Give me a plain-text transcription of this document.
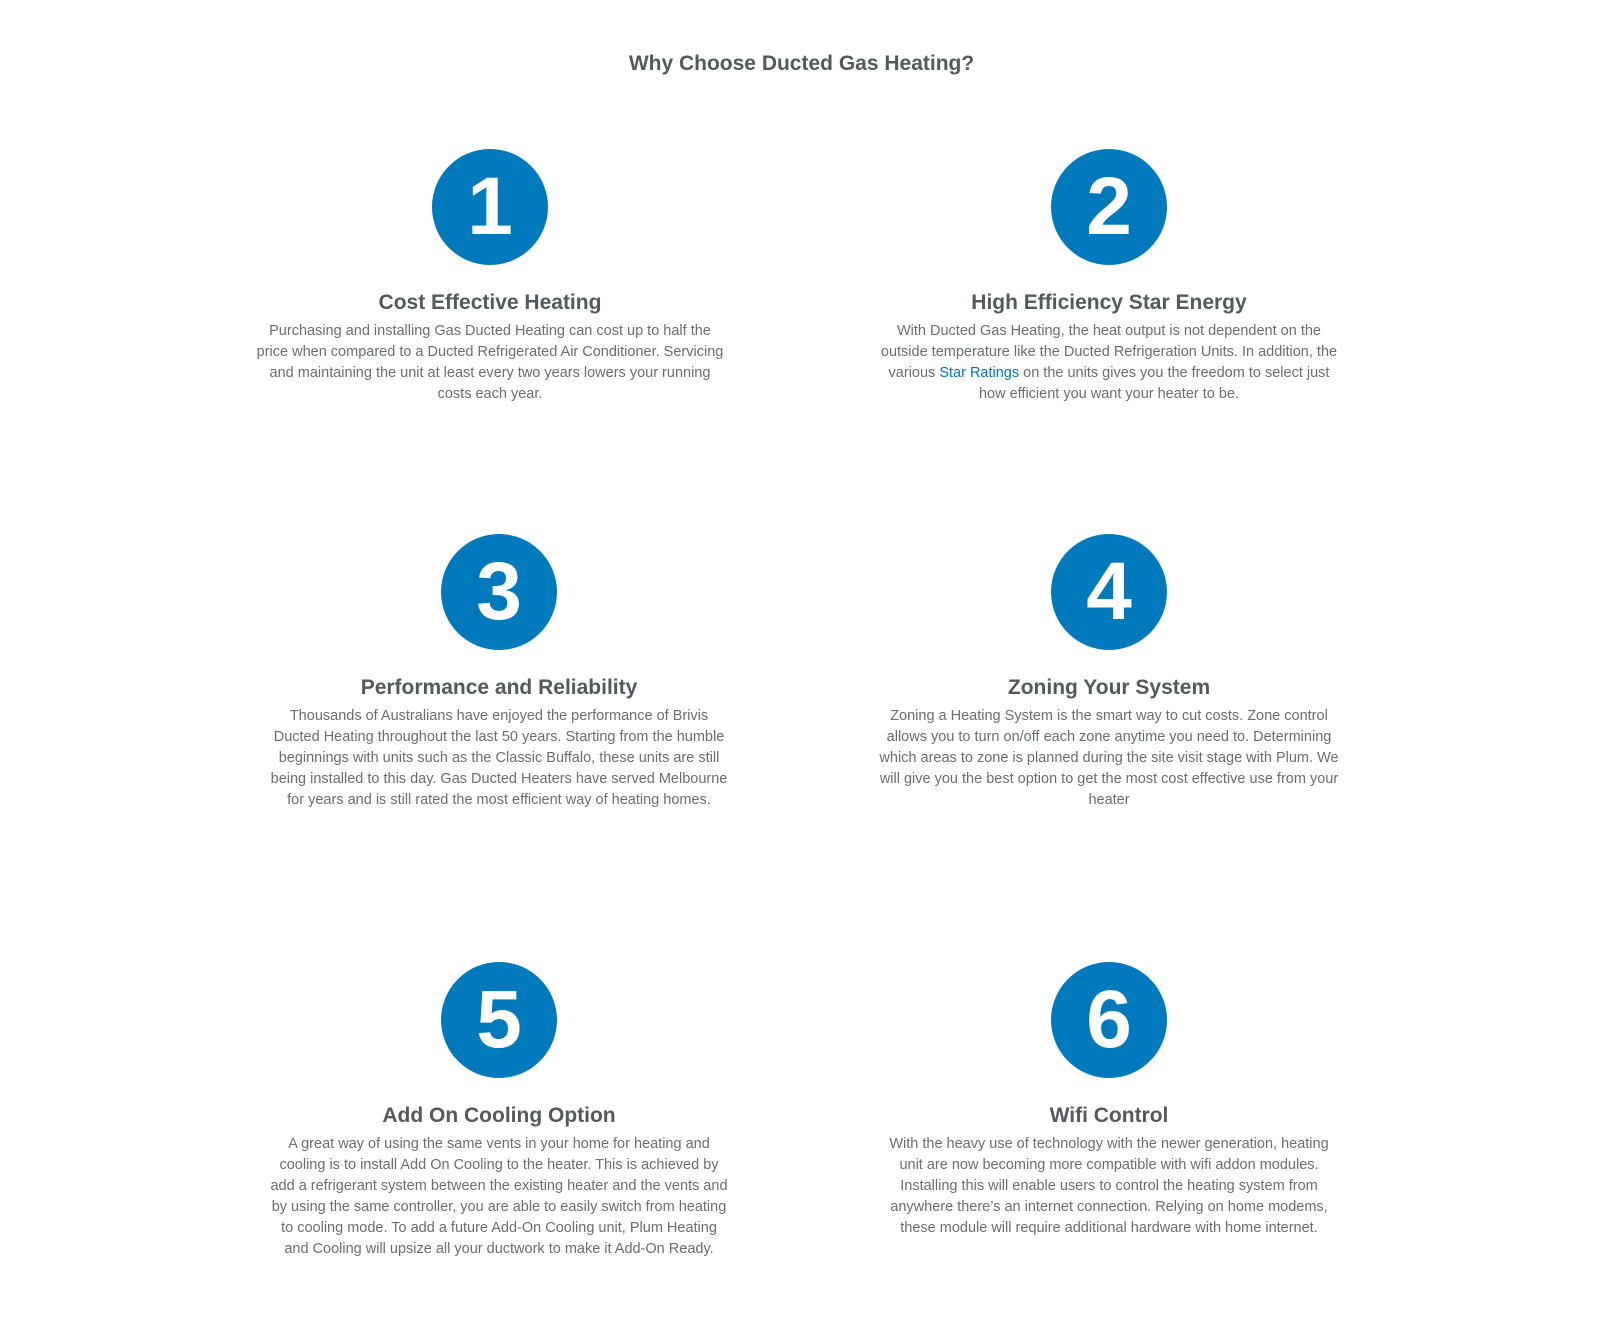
Why Choose Ducted Gas Heating?
1
Cost Effective Heating

Purchasing and installing Gas Ducted Heating can cost up to half the price when compared to a Ducted Refrigerated Air Conditioner. Servicing and maintaining the unit at least every two years lowers your running costs each year.

2
High Efficiency Star Energy

With Ducted Gas Heating, the heat output is not dependent on the outside temperature like the Ducted Refrigeration Units. In addition, the various Star Ratings on the units gives you the freedom to select just how efficient you want your heater to be.

3
Performance and Reliability

Thousands of Australians have enjoyed the performance of Brivis Ducted Heating throughout the last 50 years. Starting from the humble beginnings with units such as the Classic Buffalo, these units are still being installed to this day. Gas Ducted Heaters have served Melbourne for years and is still rated the most efficient way of heating homes.

4
Zoning Your System

Zoning a Heating System is the smart way to cut costs. Zone control allows you to turn on/off each zone anytime you need to. Determining which areas to zone is planned during the site visit stage with Plum. We will give you the best option to get the most cost effective use from your heater

5
Add On Cooling Option

A great way of using the same vents in your home for heating and cooling is to install Add On Cooling to the heater. This is achieved by add a refrigerant system between the existing heater and the vents and by using the same controller, you are able to easily switch from heating to cooling mode. To add a future Add-On Cooling unit, Plum Heating and Cooling will upsize all your ductwork to make it Add-On Ready.

6
Wifi Control

With the heavy use of technology with the newer generation, heating unit are now becoming more compatible with wifi addon modules. Installing this will enable users to control the heating system from anywhere there’s an internet connection. Relying on home modems, these module will require additional hardware with home internet.
